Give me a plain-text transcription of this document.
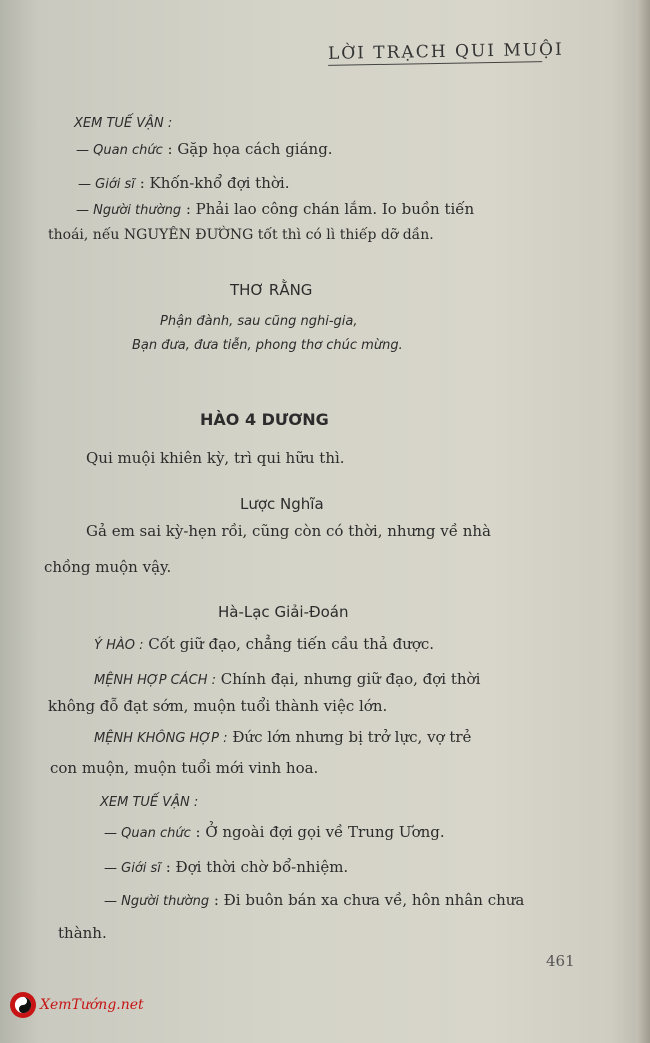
LỜI TRẠCH QUI MUỘI
XEM TUẾ VẬN :
— Quan chức : Gặp họa cách giáng.
— Giới sĩ : Khốn-khổ đợi thời.
— Người thường : Phải lao công chán lắm. Io buồn tiến
thoái, nếu NGUYÊN ĐƯỜNG tốt thì có lì thiếp dỡ dần.
THƠ RẰNG
Phận đành, sau cũng nghi-gia,
Bạn đưa, đưa tiễn, phong thơ chúc mừng.
HÀO 4 DƯƠNG
Qui muội khiên kỳ, trì qui hữu thì.
Lược Nghĩa
Gả em sai kỳ-hẹn rồi, cũng còn có thời, nhưng về nhà
chồng muộn vậy.
Hà-Lạc Giải-Đoán
Ý HÀO : Cốt giữ đạo, chẳng tiến cầu thả được.
MỆNH HỢP CÁCH : Chính đại, nhưng giữ đạo, đợi thời
không đỗ đạt sớm, muộn tuổi thành việc lớn.
MỆNH KHÔNG HỢP : Đức lớn nhưng bị trở lực, vợ trẻ
con muộn, muộn tuổi mới vinh hoa.
XEM TUẾ VẬN :
— Quan chức : Ở ngoài đợi gọi về Trung Ương.
— Giới sĩ : Đợi thời chờ bổ-nhiệm.
— Người thường : Đi buôn bán xa chưa về, hôn nhân chưa
thành.
461
XemTướng.net
